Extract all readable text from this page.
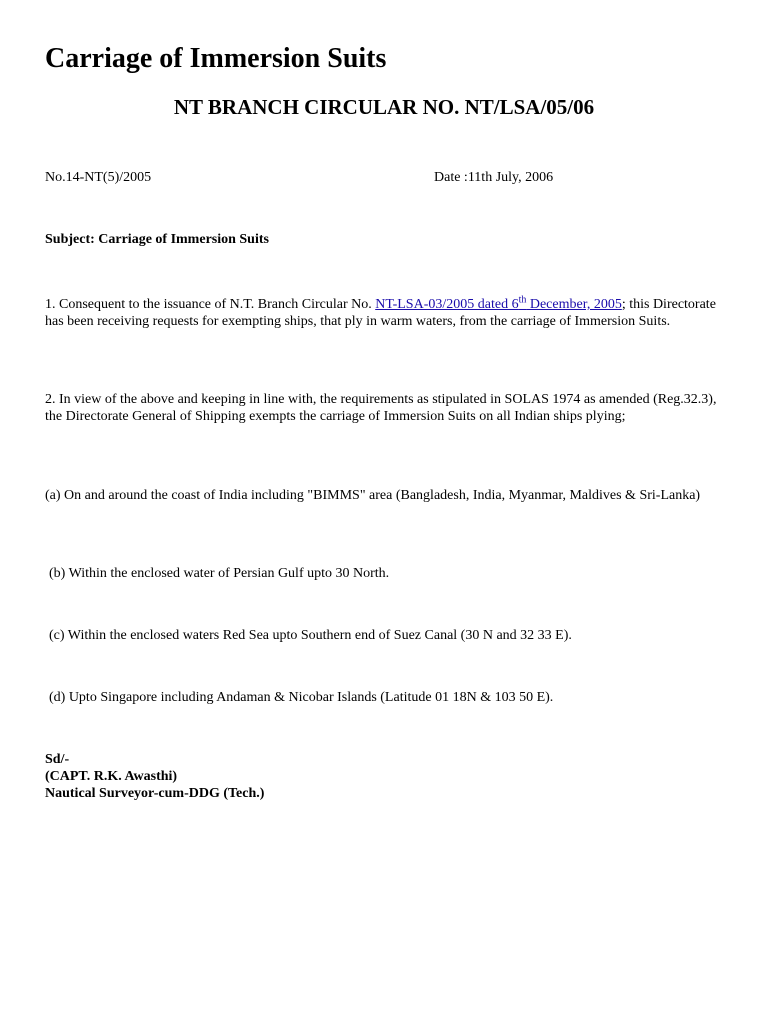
Carriage of Immersion Suits
NT BRANCH CIRCULAR NO. NT/LSA/05/06
No.14-NT(5)/2005	Date :11th July, 2006
Subject: Carriage of Immersion Suits

1. Consequent to the issuance of N.T. Branch Circular No. NT-LSA-03/2005 dated 6th December, 2005; this Directorate has been receiving requests for exempting ships, that ply in warm waters, from the carriage of Immersion Suits.

2. In view of the above and keeping in line with, the requirements as stipulated in SOLAS 1974 as amended (Reg.32.3), the Directorate General of Shipping exempts the carriage of Immersion Suits on all Indian ships plying;

(a) On and around the coast of India including "BIMMS" area (Bangladesh, India, Myanmar, Maldives & Sri-Lanka)

(b) Within the enclosed water of Persian Gulf upto 30 North.

(c) Within the enclosed waters Red Sea upto Southern end of Suez Canal (30 N and 32 33 E).

(d) Upto Singapore including Andaman & Nicobar Islands (Latitude 01 18N & 103 50 E).

Sd/-
(CAPT. R.K. Awasthi)
Nautical Surveyor-cum-DDG (Tech.)
